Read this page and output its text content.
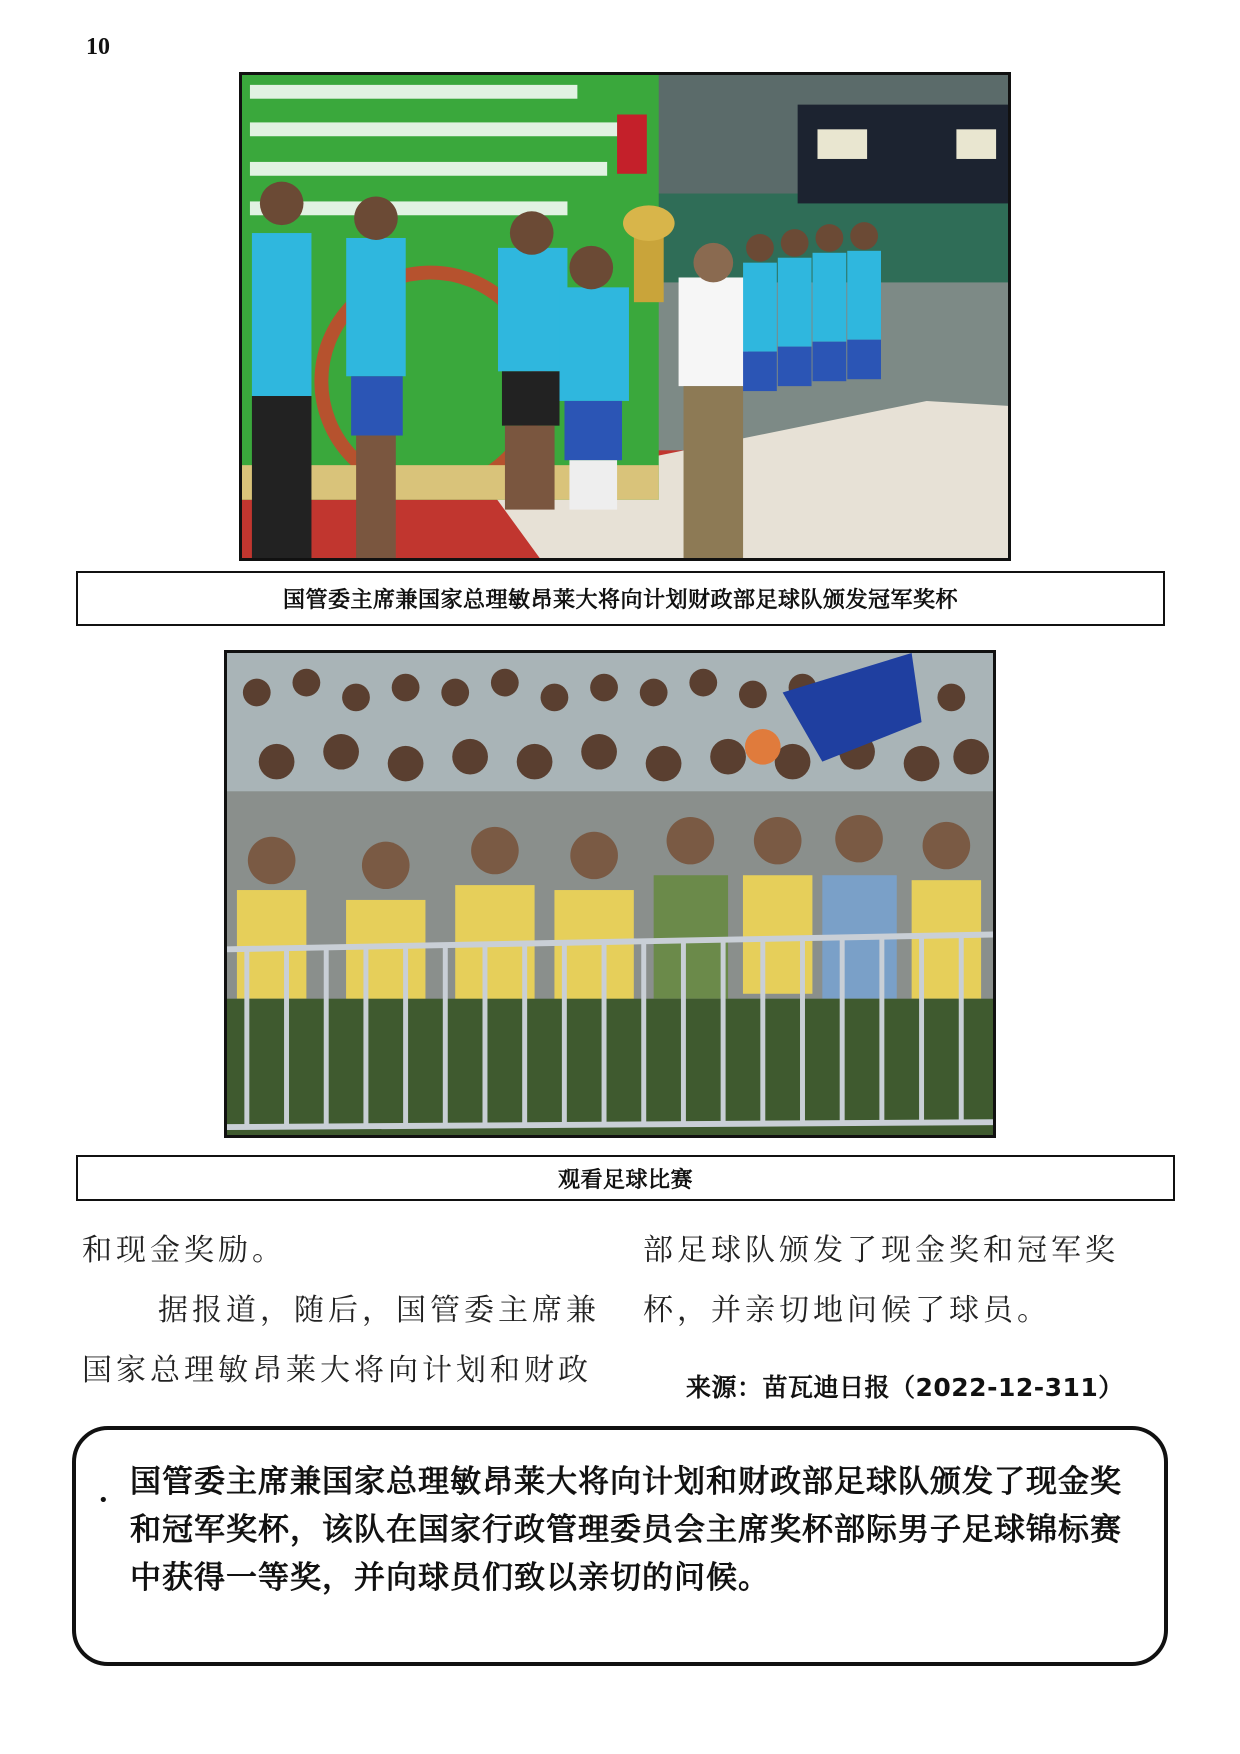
10
国管委主席兼国家总理敏昂莱大将向计划财政部足球队颁发冠军奖杯
观看足球比赛

和现金奖励。

据报道，随后，国管委主席兼国家总理敏昂莱大将向计划和财政

部足球队颁发了现金奖和冠军奖杯，并亲切地问候了球员。

来源：苗瓦迪日报（2022-12-311）
•

国管委主席兼国家总理敏昂莱大将向计划和财政部足球队颁发了现金奖和冠军奖杯，该队在国家行政管理委员会主席奖杯部际男子足球锦标赛中获得一等奖，并向球员们致以亲切的问候。
